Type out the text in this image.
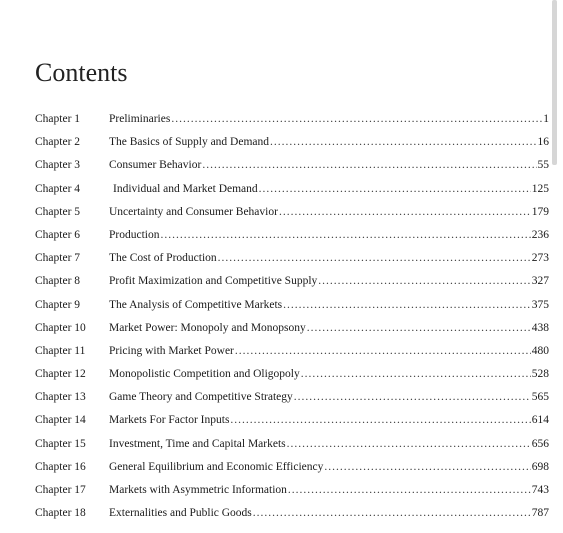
Contents
Chapter 1	Preliminaries .....	1
Chapter 2	The Basics of Supply and Demand .....	16
Chapter 3	Consumer Behavior .....	55
Chapter 4	Individual and Market Demand .....	125
Chapter 5	Uncertainty and Consumer Behavior .....	179
Chapter 6	Production .....	236
Chapter 7	The Cost of Production .....	273
Chapter 8	Profit Maximization and Competitive Supply .....	327
Chapter 9	The Analysis of Competitive Markets .....	375
Chapter 10	Market Power: Monopoly and Monopsony .....	438
Chapter 11	Pricing with Market Power .....	480
Chapter 12	Monopolistic Competition and Oligopoly .....	528
Chapter 13	Game Theory and Competitive Strategy .....	565
Chapter 14	Markets For Factor Inputs .....	614
Chapter 15	Investment, Time and Capital Markets .....	656
Chapter 16	General Equilibrium and Economic Efficiency .....	698
Chapter 17	Markets with Asymmetric Information .....	743
Chapter 18	Externalities and Public Goods .....	787
